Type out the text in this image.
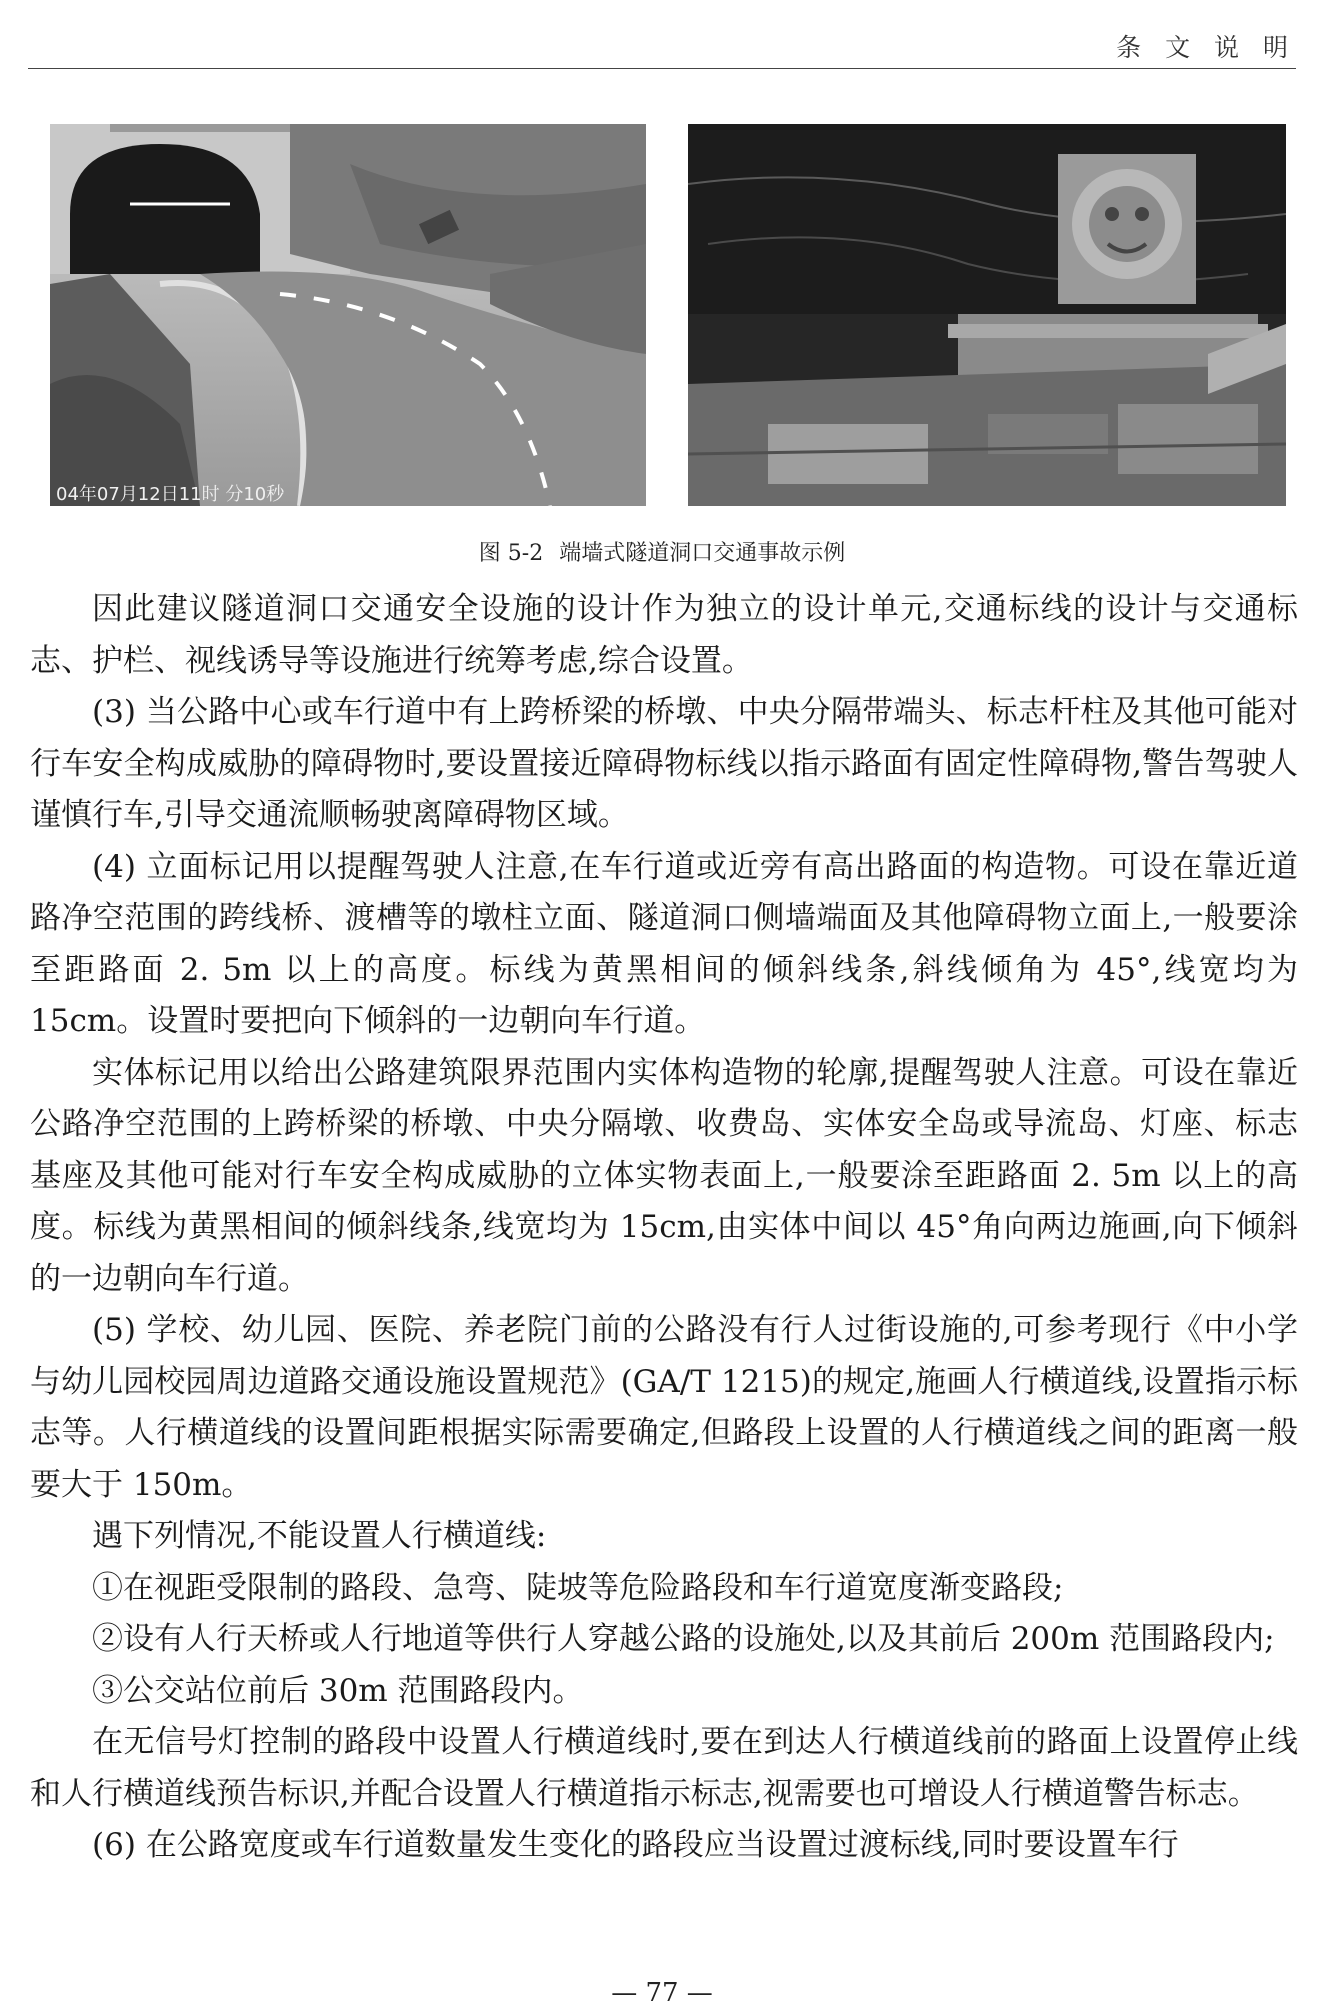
条 文 说 明
04年07月12日11时 分10秒
图 5-2 端墙式隧道洞口交通事故示例

因此建议隧道洞口交通安全设施的设计作为独立的设计单元,交通标线的设计与交通标志、护栏、视线诱导等设施进行统筹考虑,综合设置。

(3) 当公路中心或车行道中有上跨桥梁的桥墩、中央分隔带端头、标志杆柱及其他可能对行车安全构成威胁的障碍物时,要设置接近障碍物标线以指示路面有固定性障碍物,警告驾驶人谨慎行车,引导交通流顺畅驶离障碍物区域。

(4) 立面标记用以提醒驾驶人注意,在车行道或近旁有高出路面的构造物。可设在靠近道路净空范围的跨线桥、渡槽等的墩柱立面、隧道洞口侧墙端面及其他障碍物立面上,一般要涂至距路面 2. 5m 以上的高度。标线为黄黑相间的倾斜线条,斜线倾角为 45°,线宽均为 15cm。设置时要把向下倾斜的一边朝向车行道。

实体标记用以给出公路建筑限界范围内实体构造物的轮廓,提醒驾驶人注意。可设在靠近公路净空范围的上跨桥梁的桥墩、中央分隔墩、收费岛、实体安全岛或导流岛、灯座、标志基座及其他可能对行车安全构成威胁的立体实物表面上,一般要涂至距路面 2. 5m 以上的高度。标线为黄黑相间的倾斜线条,线宽均为 15cm,由实体中间以 45°角向两边施画,向下倾斜的一边朝向车行道。

(5) 学校、幼儿园、医院、养老院门前的公路没有行人过街设施的,可参考现行《中小学与幼儿园校园周边道路交通设施设置规范》(GA/T 1215)的规定,施画人行横道线,设置指示标志等。人行横道线的设置间距根据实际需要确定,但路段上设置的人行横道线之间的距离一般要大于 150m。

遇下列情况,不能设置人行横道线:

①在视距受限制的路段、急弯、陡坡等危险路段和车行道宽度渐变路段;

②设有人行天桥或人行地道等供行人穿越公路的设施处,以及其前后 200m 范围路段内;

③公交站位前后 30m 范围路段内。

在无信号灯控制的路段中设置人行横道线时,要在到达人行横道线前的路面上设置停止线和人行横道线预告标识,并配合设置人行横道指示标志,视需要也可增设人行横道警告标志。

(6) 在公路宽度或车行道数量发生变化的路段应当设置过渡标线,同时要设置车行

— 77 —
